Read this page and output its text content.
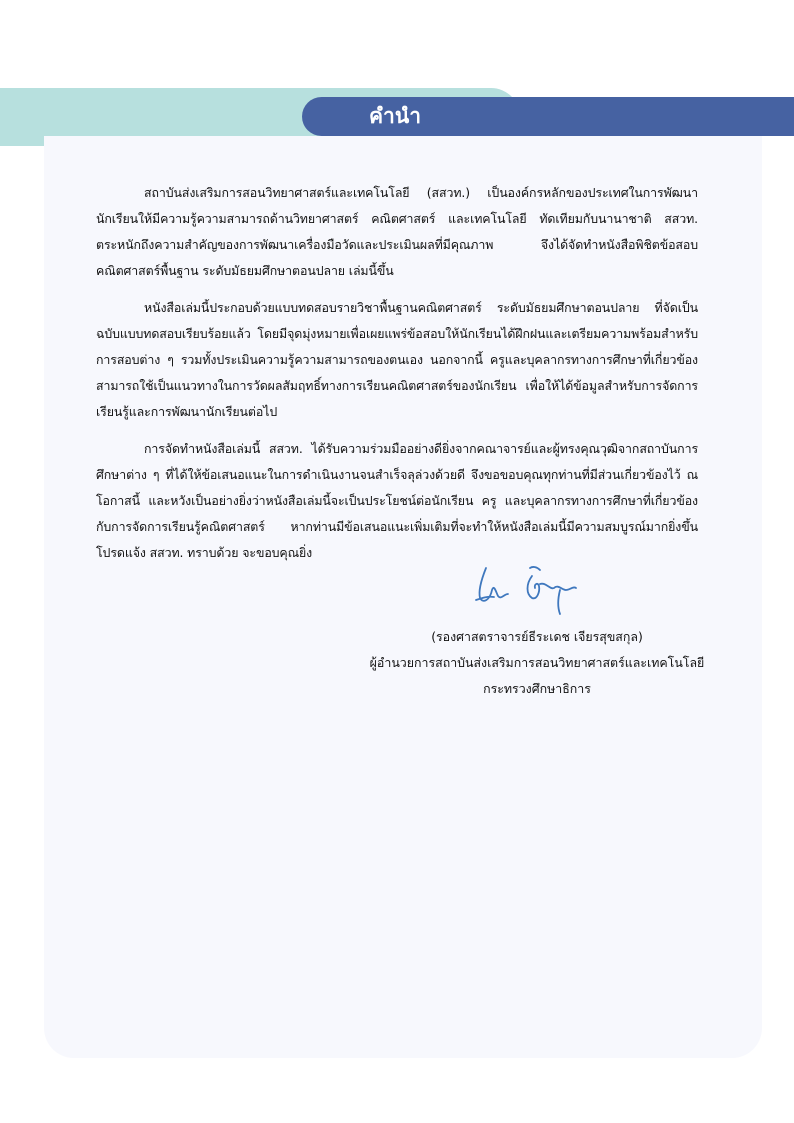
คำนำ

สถาบันส่งเสริมการสอนวิทยาศาสตร์และเทคโนโลยี (สสวท.) เป็นองค์กรหลักของประเทศในการพัฒนานักเรียนให้มีความรู้ความสามารถด้านวิทยาศาสตร์ คณิตศาสตร์ และเทคโนโลยี ทัดเทียมกับนานาชาติ สสวท. ตระหนักถึงความสำคัญของการพัฒนาเครื่องมือวัดและประเมินผลที่มีคุณภาพ จึงได้จัดทำหนังสือพิชิตข้อสอบคณิตศาสตร์พื้นฐาน ระดับมัธยมศึกษาตอนปลาย เล่มนี้ขึ้น

หนังสือเล่มนี้ประกอบด้วยแบบทดสอบรายวิชาพื้นฐานคณิตศาสตร์ ระดับมัธยมศึกษาตอนปลาย ที่จัดเป็นฉบับแบบทดสอบเรียบร้อยแล้ว โดยมีจุดมุ่งหมายเพื่อเผยแพร่ข้อสอบให้นักเรียนได้ฝึกฝนและเตรียมความพร้อมสำหรับการสอบต่าง ๆ รวมทั้งประเมินความรู้ความสามารถของตนเอง นอกจากนี้ ครูและบุคลากรทางการศึกษาที่เกี่ยวข้องสามารถใช้เป็นแนวทางในการวัดผลสัมฤทธิ์ทางการเรียนคณิตศาสตร์ของนักเรียน เพื่อให้ได้ข้อมูลสำหรับการจัดการเรียนรู้และการพัฒนานักเรียนต่อไป

การจัดทำหนังสือเล่มนี้ สสวท. ได้รับความร่วมมืออย่างดียิ่งจากคณาจารย์และผู้ทรงคุณวุฒิจากสถาบันการศึกษาต่าง ๆ ที่ได้ให้ข้อเสนอแนะในการดำเนินงานจนสำเร็จลุล่วงด้วยดี จึงขอขอบคุณทุกท่านที่มีส่วนเกี่ยวข้องไว้ ณ โอกาสนี้ และหวังเป็นอย่างยิ่งว่าหนังสือเล่มนี้จะเป็นประโยชน์ต่อนักเรียน ครู และบุคลากรทางการศึกษาที่เกี่ยวข้องกับการจัดการเรียนรู้คณิตศาสตร์ หากท่านมีข้อเสนอแนะเพิ่มเติมที่จะทำให้หนังสือเล่มนี้มีความสมบูรณ์มากยิ่งขึ้น โปรดแจ้ง สสวท. ทราบด้วย จะขอบคุณยิ่ง

(รองศาสตราจารย์ธีระเดช เจียรสุขสกุล)
ผู้อำนวยการสถาบันส่งเสริมการสอนวิทยาศาสตร์และเทคโนโลยี
กระทรวงศึกษาธิการ
